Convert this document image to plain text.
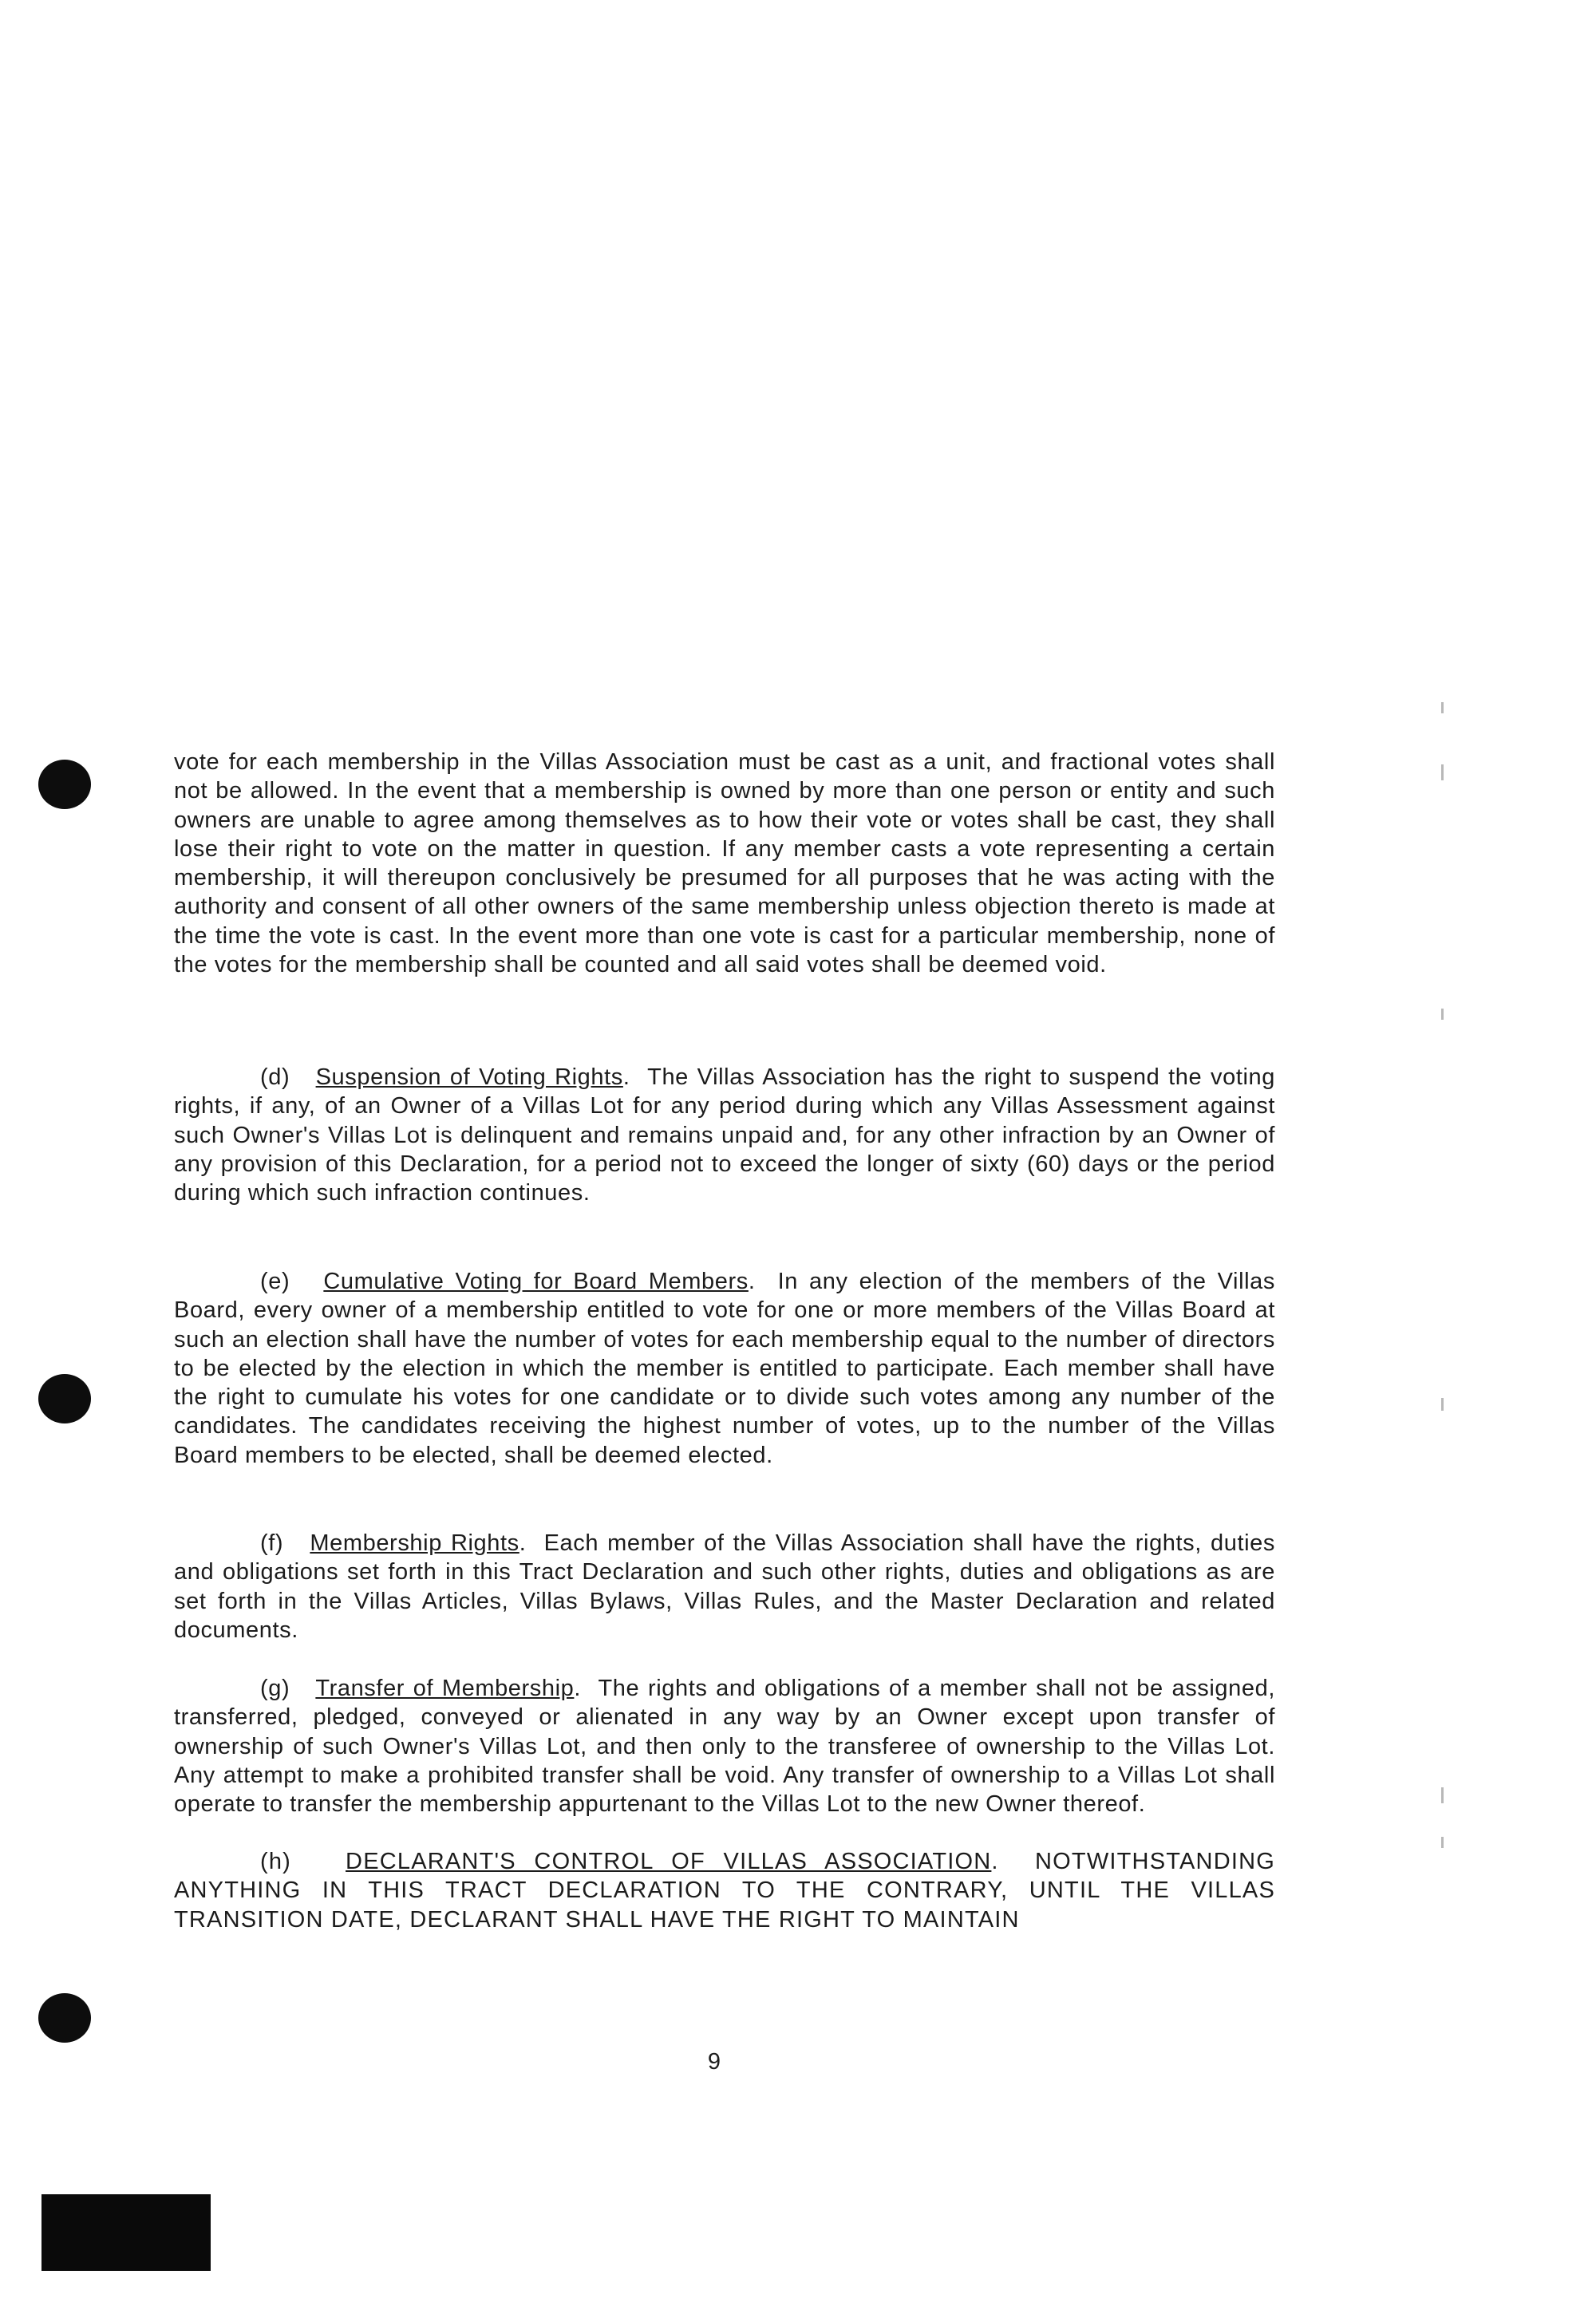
vote for each membership in the Villas Association must be cast as a unit, and fractional votes shall not be allowed. In the event that a membership is owned by more than one person or entity and such owners are unable to agree among themselves as to how their vote or votes shall be cast, they shall lose their right to vote on the matter in question. If any member casts a vote representing a certain membership, it will thereupon conclusively be presumed for all purposes that he was acting with the authority and consent of all other owners of the same membership unless objection thereto is made at the time the vote is cast. In the event more than one vote is cast for a particular membership, none of the votes for the membership shall be counted and all said votes shall be deemed void.

(d) Suspension of Voting Rights.  The Villas Association has the right to suspend the voting rights, if any, of an Owner of a Villas Lot for any period during which any Villas Assessment against such Owner's Villas Lot is delinquent and remains unpaid and, for any other infraction by an Owner of any provision of this Declaration, for a period not to exceed the longer of sixty (60) days or the period during which such infraction continues.

(e) Cumulative Voting for Board Members.  In any election of the members of the Villas Board, every owner of a membership entitled to vote for one or more members of the Villas Board at such an election shall have the number of votes for each membership equal to the number of directors to be elected by the election in which the member is entitled to participate. Each member shall have the right to cumulate his votes for one candidate or to divide such votes among any number of the candidates. The candidates receiving the highest number of votes, up to the number of the Villas Board members to be elected, shall be deemed elected.

(f) Membership Rights.  Each member of the Villas Association shall have the rights, duties and obligations set forth in this Tract Declaration and such other rights, duties and obligations as are set forth in the Villas Articles, Villas Bylaws, Villas Rules, and the Master Declaration and related documents.

(g) Transfer of Membership.  The rights and obligations of a member shall not be assigned, transferred, pledged, conveyed or alienated in any way by an Owner except upon transfer of ownership of such Owner's Villas Lot, and then only to the transferee of ownership to the Villas Lot. Any attempt to make a prohibited transfer shall be void. Any transfer of ownership to a Villas Lot shall operate to transfer the membership appurtenant to the Villas Lot to the new Owner thereof.

(h) DECLARANT'S CONTROL OF VILLAS ASSOCIATION.  NOTWITHSTANDING ANYTHING IN THIS TRACT DECLARATION TO THE CONTRARY, UNTIL THE VILLAS TRANSITION DATE, DECLARANT SHALL HAVE THE RIGHT TO MAINTAIN

9
